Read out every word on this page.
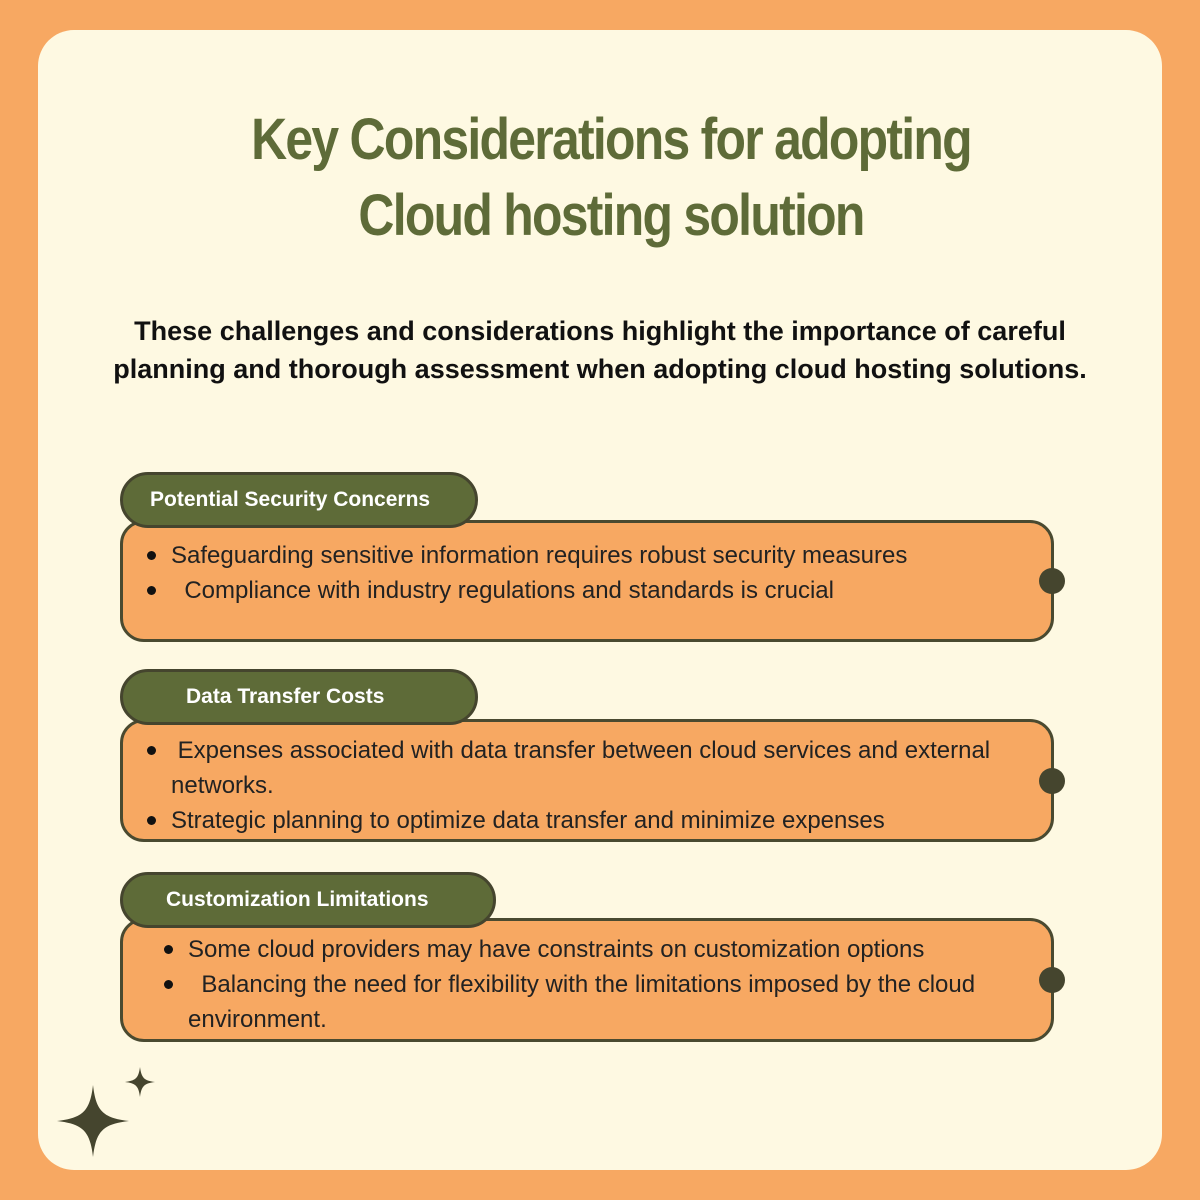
Key Considerations for adopting
Cloud hosting solution

These challenges and considerations highlight the importance of careful
planning and thorough assessment when adopting cloud hosting solutions.

Safeguarding sensitive information requires robust security measures
Compliance with industry regulations and standards is crucial
Potential Security Concerns
Expenses associated with data transfer between cloud services and external networks.
Strategic planning to optimize data transfer and minimize expenses
Data Transfer Costs
Some cloud providers may have constraints on customization options
Balancing the need for flexibility with the limitations imposed by the cloud environment.
Customization Limitations
